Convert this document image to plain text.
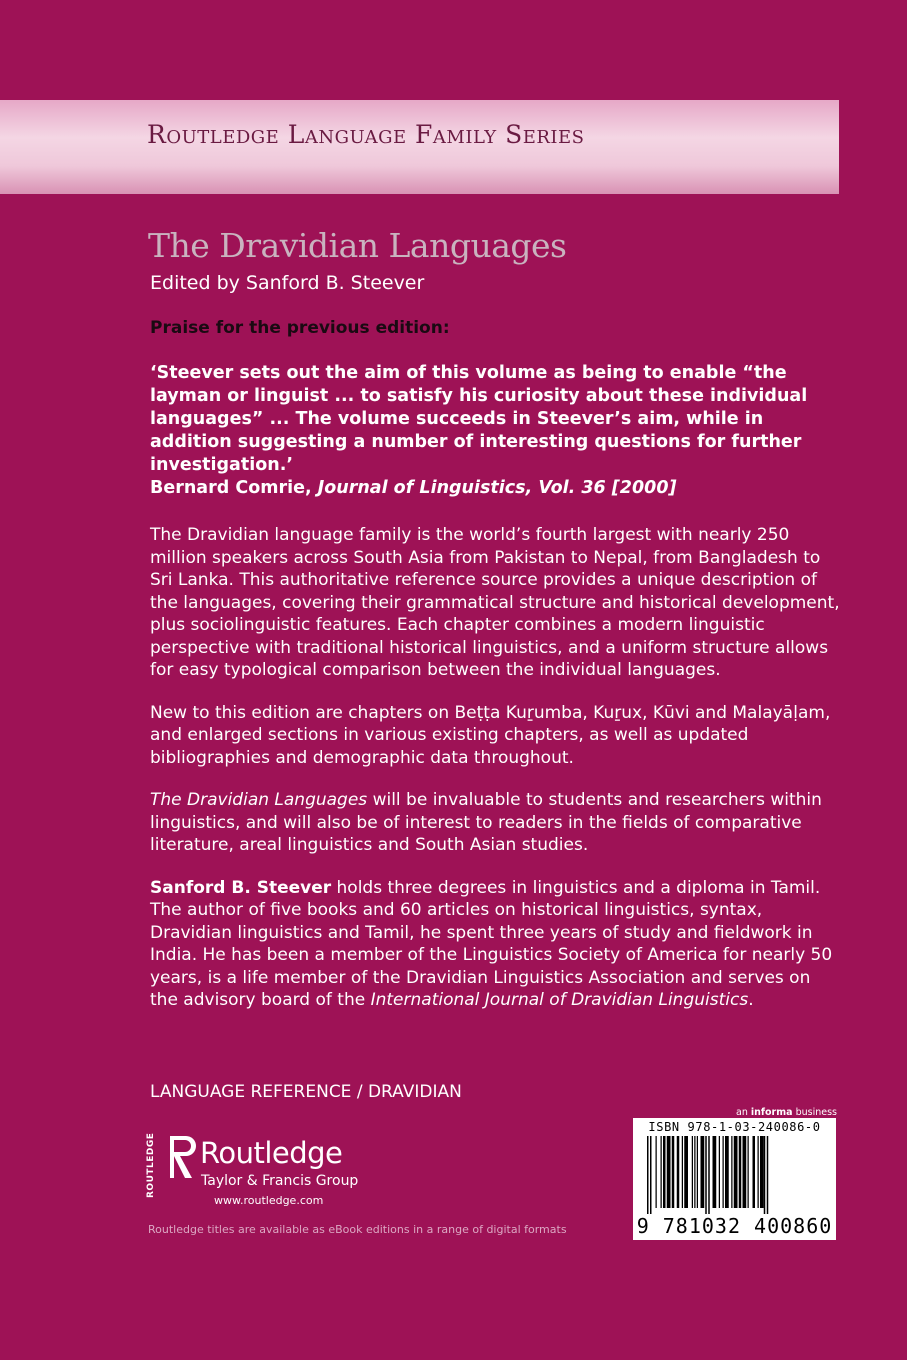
Routledge Language Family Series
The Dravidian Languages
Edited by Sanford B. Steever

Praise for the previous edition:

‘Steever sets out the aim of this volume as being to enable “the layman or linguist ... to satisfy his curiosity about these individual languages” ... The volume succeeds in Steever’s aim, while in addition suggesting a number of interesting questions for further investigation.’
Bernard Comrie, Journal of Linguistics, Vol. 36 [2000]

The Dravidian language family is the world’s fourth largest with nearly 250 million speakers across South Asia from Pakistan to Nepal, from Bangladesh to Sri Lanka. This authoritative reference source provides a unique description of the languages, covering their grammatical structure and historical development, plus sociolinguistic features. Each chapter combines a modern linguistic perspective with traditional historical linguistics, and a uniform structure allows for easy typological comparison between the individual languages.

New to this edition are chapters on Beṭṭa Kuṟumba, Kuṟux, Kūvi and Malayāḷam, and enlarged sections in various existing chapters, as well as updated bibliographies and demographic data throughout.

The Dravidian Languages will be invaluable to students and researchers within linguistics, and will also be of interest to readers in the fields of comparative literature, areal linguistics and South Asian studies.

Sanford B. Steever holds three degrees in linguistics and a diploma in Tamil. The author of five books and 60 articles on historical linguistics, syntax, Dravidian linguistics and Tamil, he spent three years of study and fieldwork in India. He has been a member of the Linguistics Society of America for nearly 50 years, is a life member of the Dravidian Linguistics Association and serves on the advisory board of the International Journal of Dravidian Linguistics.

LANGUAGE REFERENCE / DRAVIDIAN
ROUTLEDGE Routledge
Taylor & Francis Group
www.routledge.com
Routledge titles are available as eBook editions in a range of digital formats
an informa business
ISBN 978-1-03-240086-0
9 781032 400860
